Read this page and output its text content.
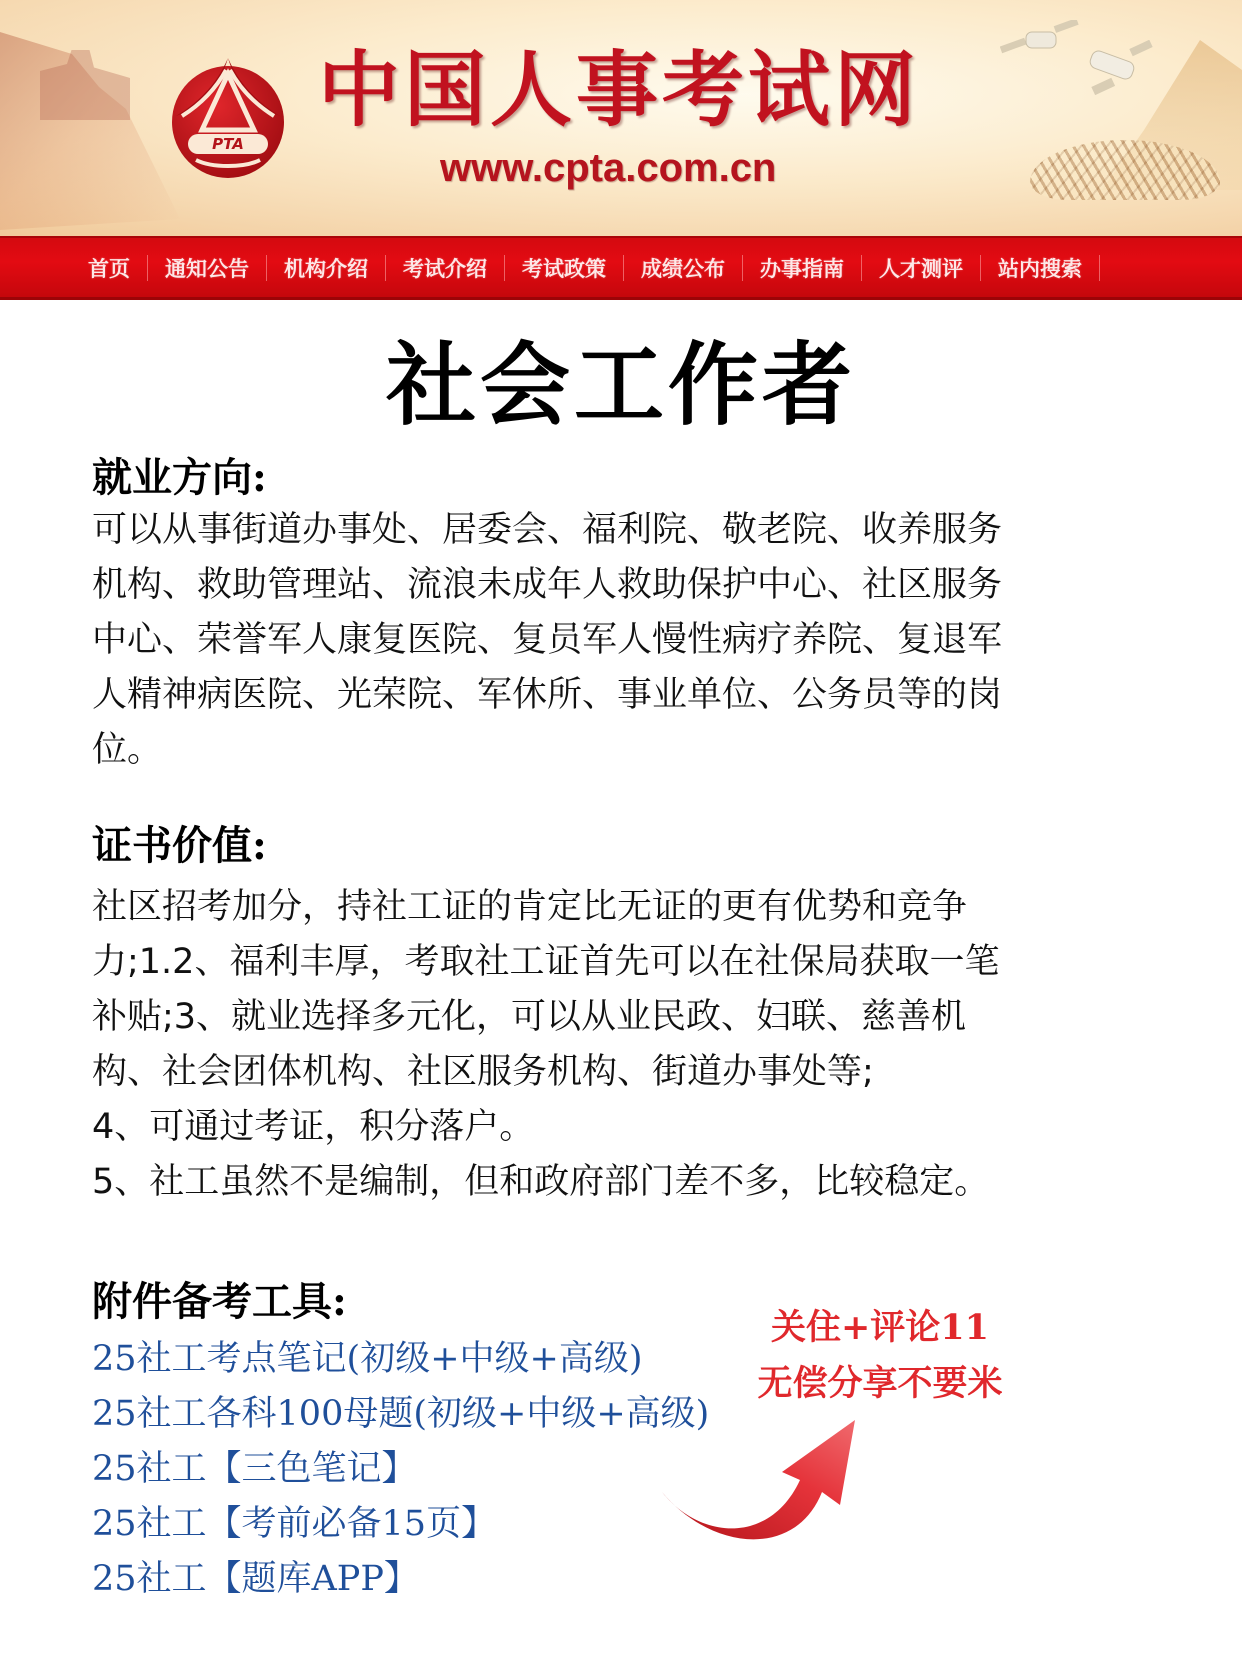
PTA
中国人事考试网
www.cpta.com.cn
首页	通知公告	机构介绍	考试介绍	考试政策	成绩公布	办事指南	人才测评	站内搜索
社会工作者
就业方向:
可以从事街道办事处、居委会、福利院、敬老院、收养服务
机构、救助管理站、流浪未成年人救助保护中心、社区服务
中心、荣誉军人康复医院、复员军人慢性病疗养院、复退军
人精神病医院、光荣院、军休所、事业单位、公务员等的岗
位。
证书价值:
社区招考加分，持社工证的肯定比无证的更有优势和竞争
力;1.2、福利丰厚，考取社工证首先可以在社保局获取一笔
补贴;3、就业选择多元化，可以从业民政、妇联、慈善机
构、社会团体机构、社区服务机构、街道办事处等;
4、可通过考证，积分落户。
5、社工虽然不是编制，但和政府部门差不多，比较稳定。
附件备考工具:
25社工考点笔记(初级+中级+高级)
25社工各科100母题(初级+中级+高级)
25社工【三色笔记】
25社工【考前必备15页】
25社工【题库APP】
关住+评论11
无偿分享不要米
